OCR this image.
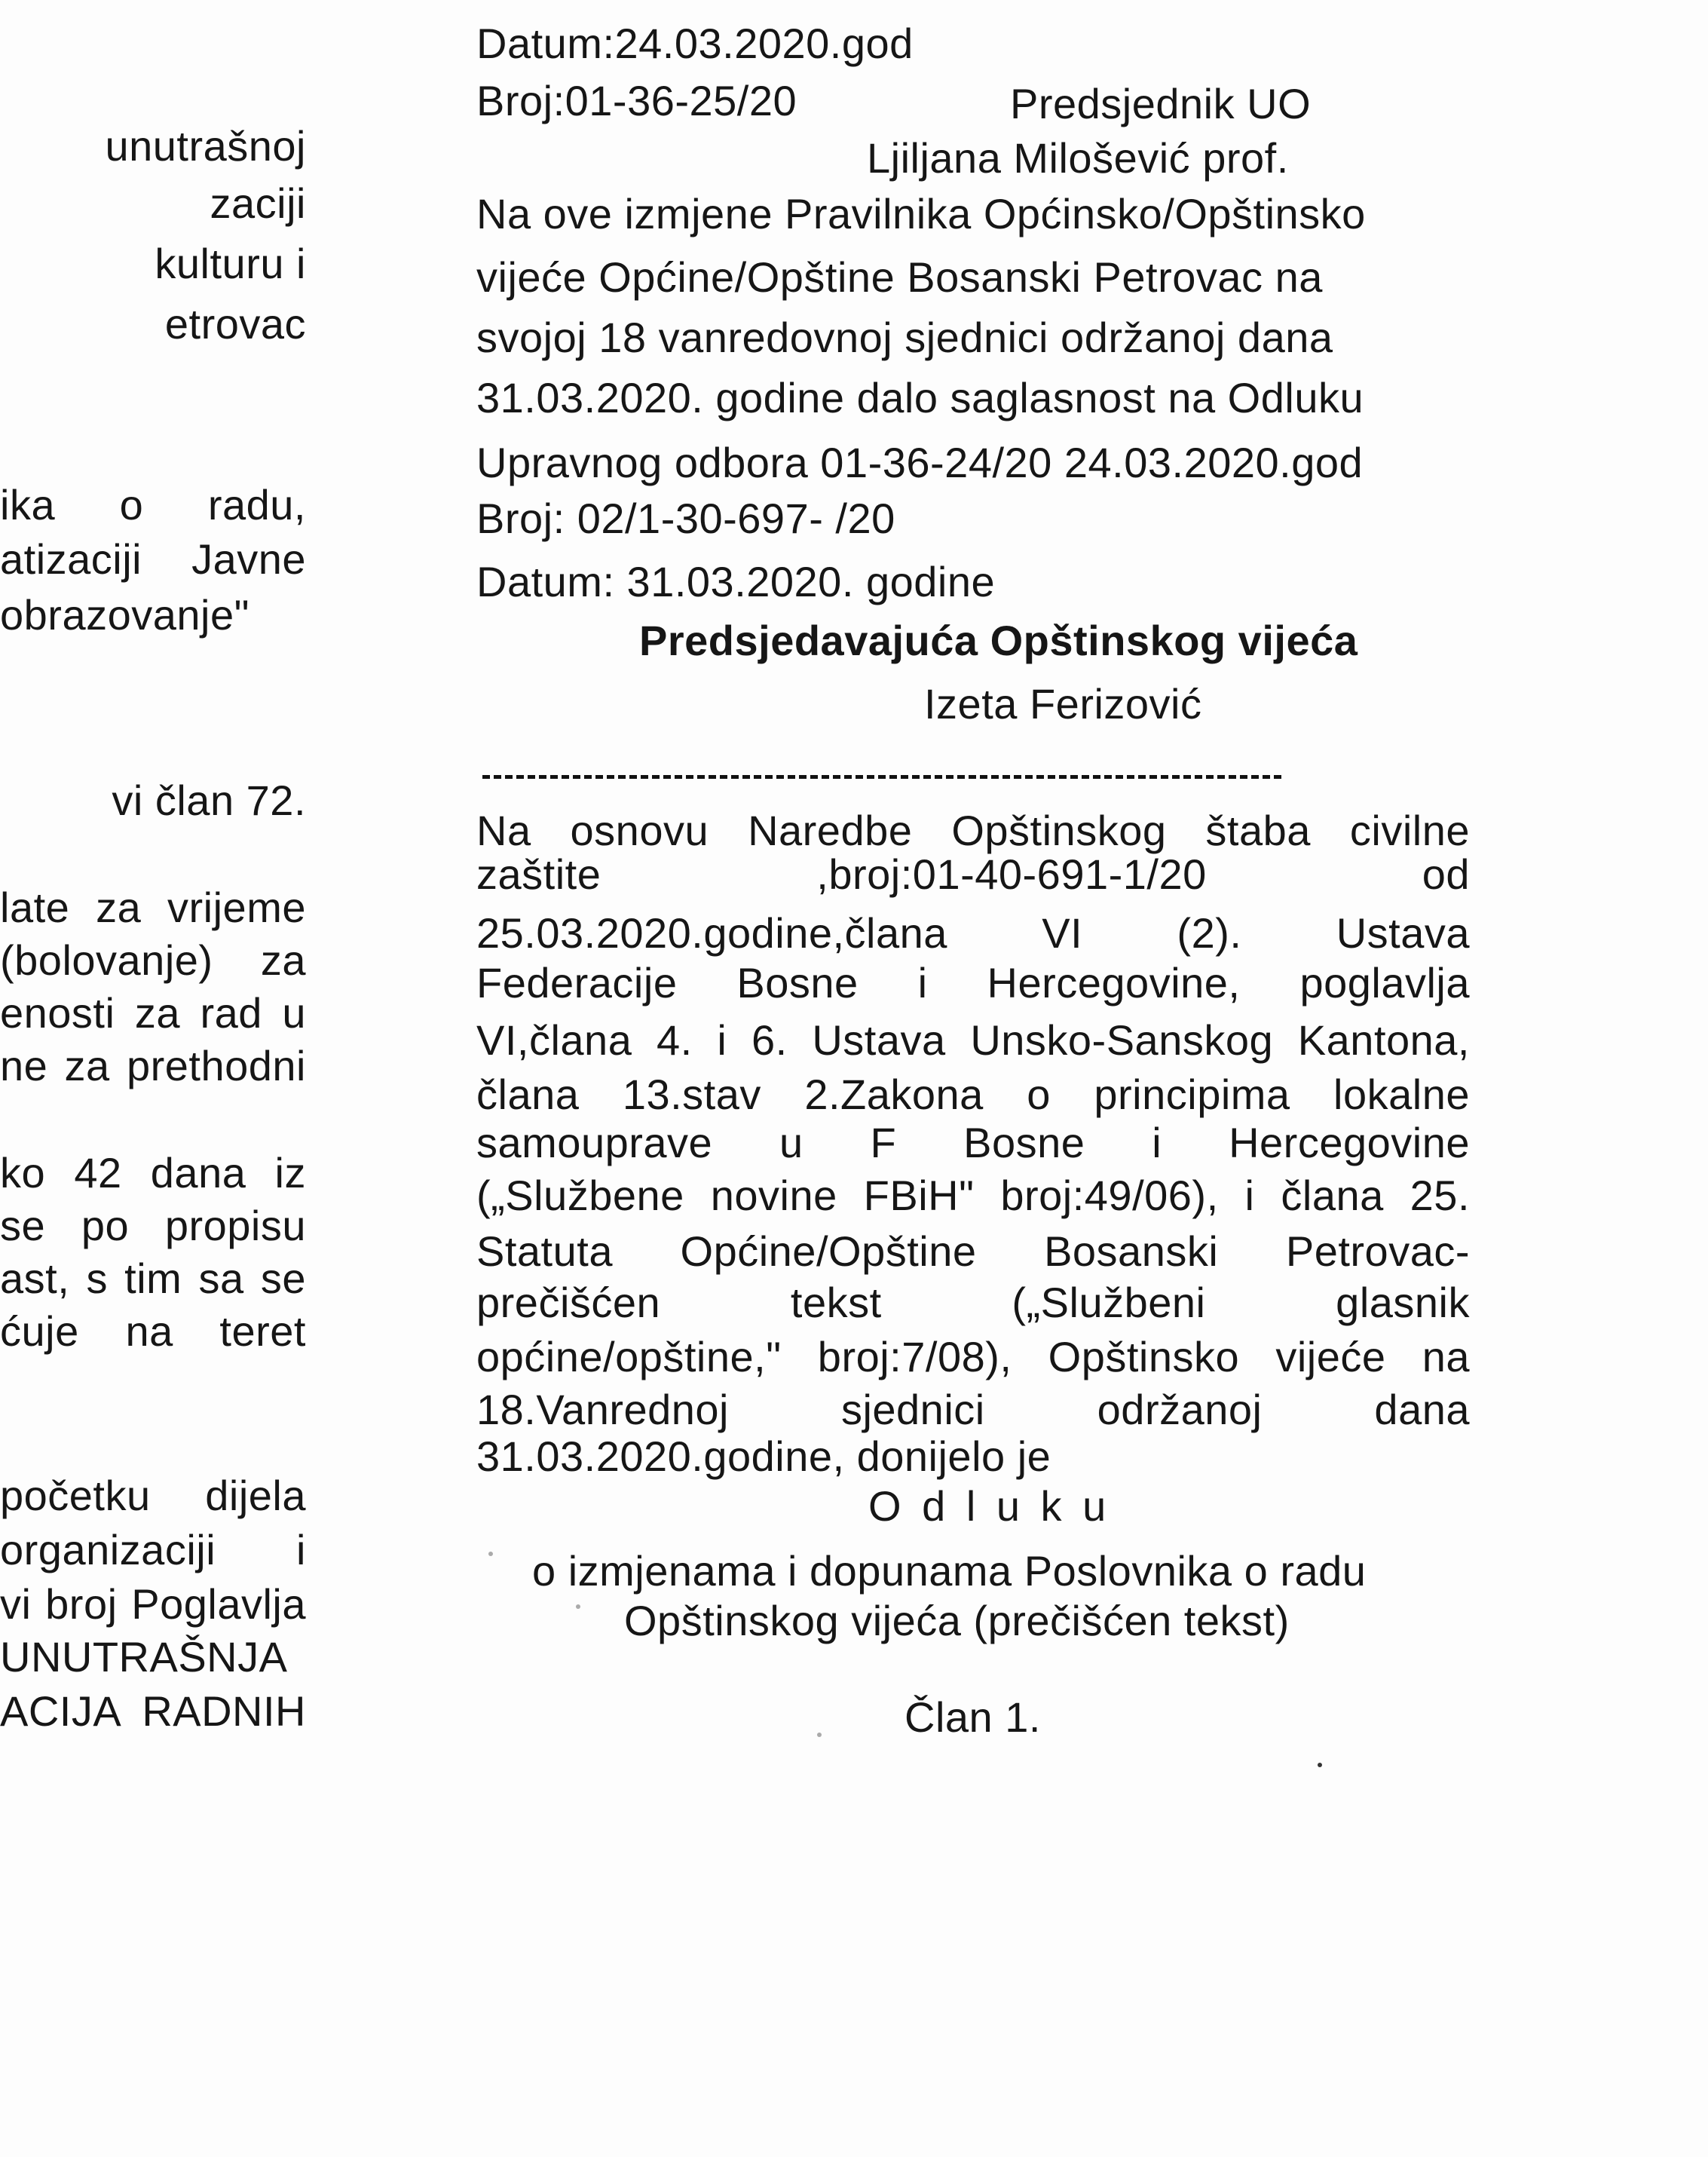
unutrašnoj
zaciji
kulturu i
etrovac
ika o radu,
atizaciji Javne
obrazovanje"
vi član 72.
late za vrijeme
(bolovanje) za
enosti za rad u
ne za prethodni
ko 42 dana iz
se po propisu
ast, s tim sa se
ćuje na teret
početku dijela
organizaciji i
vi broj Poglavlja
UNUTRAŠNJA
ACIJA RADNIH
Datum:24.03.2020.god
Broj:01-36-25/20	Predsjednik UO
Ljiljana Milošević prof.
Na ove izmjene Pravilnika Općinsko/Opštinsko
vijeće Općine/Opštine Bosanski Petrovac na
svojoj 18 vanredovnoj sjednici održanoj dana
31.03.2020. godine dalo saglasnost na Odluku
Upravnog odbora 01-36-24/20 24.03.2020.god
Broj: 02/1-30-697- /20
Datum: 31.03.2020. godine
Predsjedavajuća Opštinskog vijeća
Izeta Ferizović
Na osnovu Naredbe Opštinskog štaba civilne
zaštite ,broj:01-40-691-1/20 od
25.03.2020.godine,člana VI (2). Ustava
Federacije Bosne i Hercegovine, poglavlja
VI,člana 4. i 6. Ustava Unsko-Sanskog Kantona,
člana 13.stav 2.Zakona o principima lokalne
samouprave u F Bosne i Hercegovine
(„Službene novine FBiH" broj:49/06), i člana 25.
Statuta Općine/Opštine Bosanski Petrovac-
prečišćen tekst („Službeni glasnik
općine/opštine," broj:7/08), Opštinsko vijeće na
18.Vanrednoj sjednici održanoj dana
31.03.2020.godine, donijelo je
O d l u k u
o izmjenama i dopunama Poslovnika o radu
Opštinskog vijeća (prečišćen tekst)
Član 1.
